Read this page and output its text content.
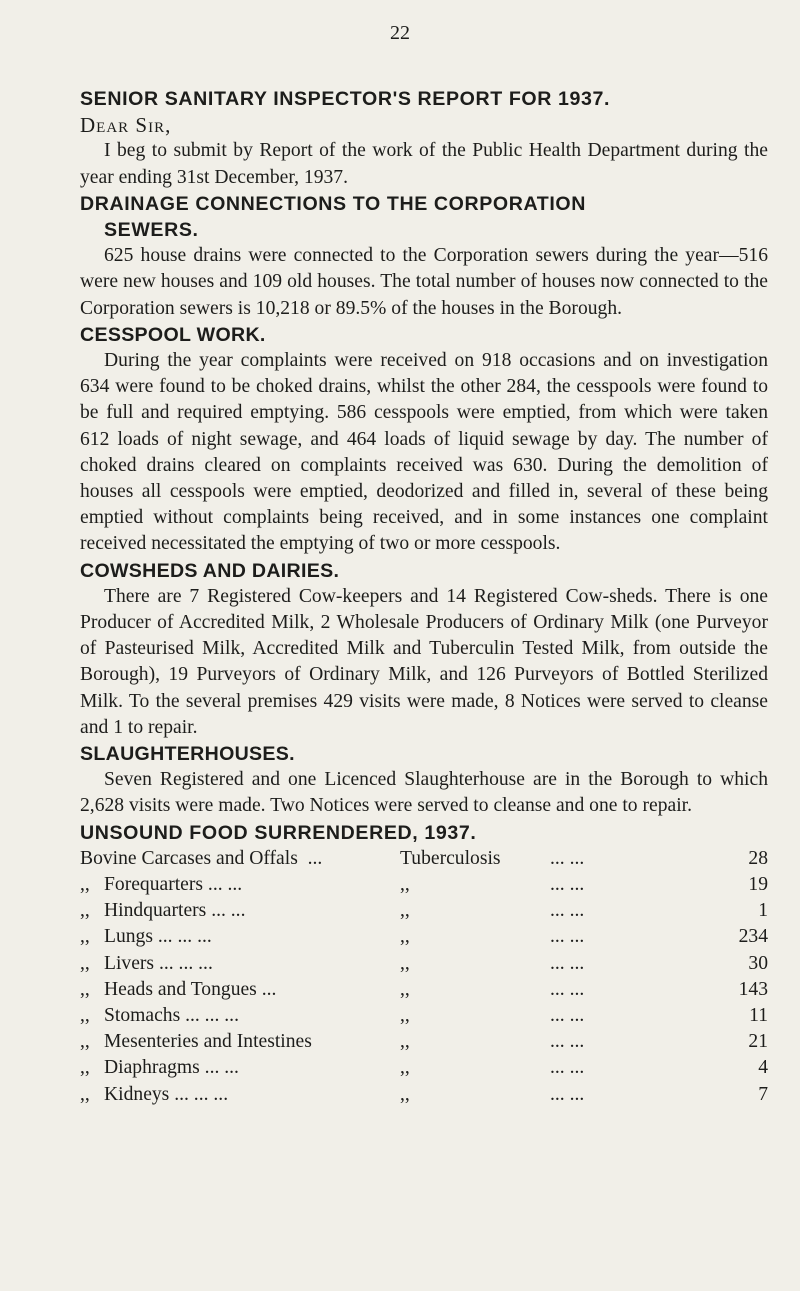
22
SENIOR SANITARY INSPECTOR'S REPORT FOR 1937.
Dear Sir,

I beg to submit by Report of the work of the Public Health Department during the year ending 31st December, 1937.

DRAINAGE CONNECTIONS TO THE CORPORATION
SEWERS.

625 house drains were connected to the Corporation sewers during the year—516 were new houses and 109 old houses. The total number of houses now connected to the Corporation sewers is 10,218 or 89.5% of the houses in the Borough.

CESSPOOL WORK.

During the year complaints were received on 918 occasions and on investigation 634 were found to be choked drains, whilst the other 284, the cesspools were found to be full and required emptying. 586 cesspools were emptied, from which were taken 612 loads of night sewage, and 464 loads of liquid sewage by day. The number of choked drains cleared on complaints received was 630. During the demolition of houses all cesspools were emptied, deodorized and filled in, several of these being emptied without complaints being received, and in some instances one complaint received necessitated the emptying of two or more cesspools.

COWSHEDS AND DAIRIES.

There are 7 Registered Cow-keepers and 14 Registered Cow-sheds. There is one Producer of Accredited Milk, 2 Wholesale Producers of Ordinary Milk (one Purveyor of Pasteurised Milk, Accredited Milk and Tuberculin Tested Milk, from outside the Borough), 19 Purveyors of Ordinary Milk, and 126 Purveyors of Bottled Sterilized Milk. To the several premises 429 visits were made, 8 Notices were served to cleanse and 1 to repair.

SLAUGHTERHOUSES.

Seven Registered and one Licenced Slaughterhouse are in the Borough to which 2,628 visits were made. Two Notices were served to cleanse and one to repair.

UNSOUND FOOD SURRENDERED, 1937.
Bovine Carcases and Offals ...	Tuberculosis	... ...	28
,, Forequarters ... ...	,,	... ...	19
,, Hindquarters ... ...	,,	... ...	1
,, Lungs ... ... ...	,,	... ...	234
,, Livers ... ... ...	,,	... ...	30
,, Heads and Tongues ...	,,	... ...	143
,, Stomachs ... ... ...	,,	... ...	11
,, Mesenteries and Intestines	,,	... ...	21
,, Diaphragms ... ...	,,	... ...	4
,, Kidneys ... ... ...	,,	... ...	7
